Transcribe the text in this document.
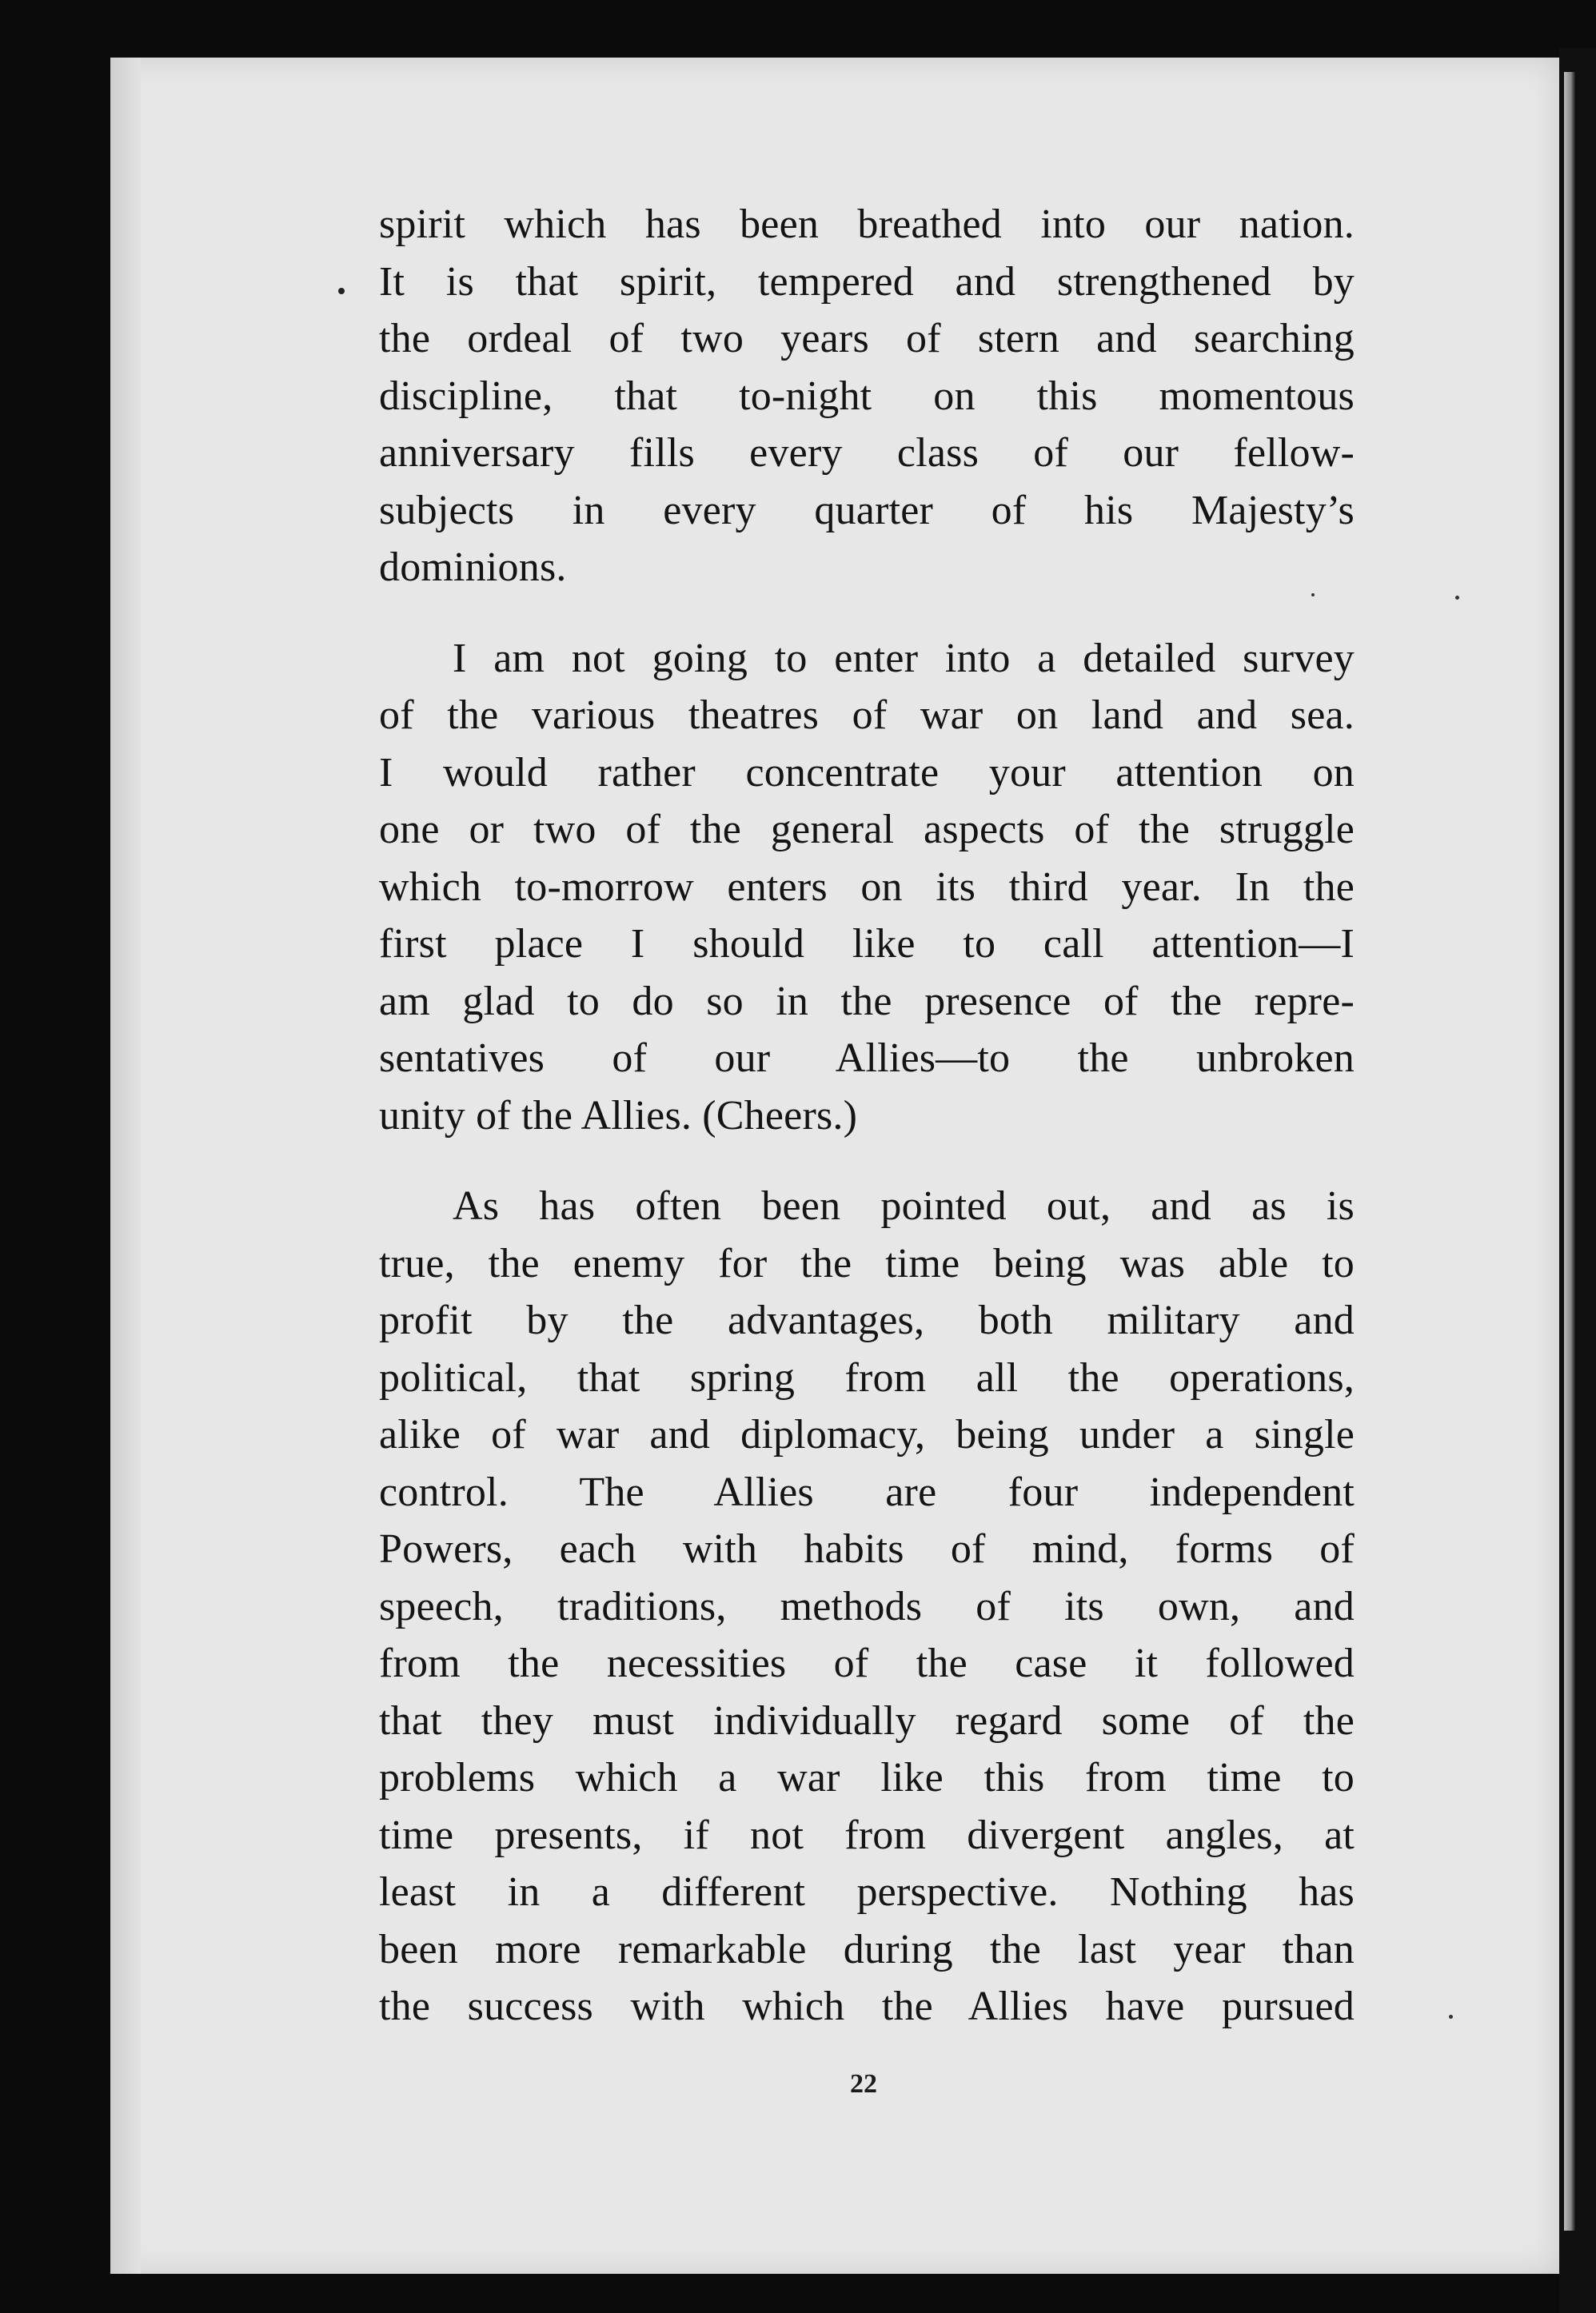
spirit which has been breathed into our nation.
It is that spirit, tempered and strengthened by
the ordeal of two years of stern and searching
discipline, that to-night on this momentous
anniversary fills every class of our fellow-
subjects in every quarter of his Majesty’s
dominions.

I am not going to enter into a detailed survey
of the various theatres of war on land and sea.
I would rather concentrate your attention on
one or two of the general aspects of the struggle
which to-morrow enters on its third year. In the
first place I should like to call attention—I
am glad to do so in the presence of the repre-
sentatives of our Allies—to the unbroken
unity of the Allies. (Cheers.)

As has often been pointed out, and as is
true, the enemy for the time being was able to
profit by the advantages, both military and
political, that spring from all the operations,
alike of war and diplomacy, being under a single
control. The Allies are four independent
Powers, each with habits of mind, forms of
speech, traditions, methods of its own, and
from the necessities of the case it followed
that they must individually regard some of the
problems which a war like this from time to
time presents, if not from divergent angles, at
least in a different perspective. Nothing has
been more remarkable during the last year than
the success with which the Allies have pursued

22
